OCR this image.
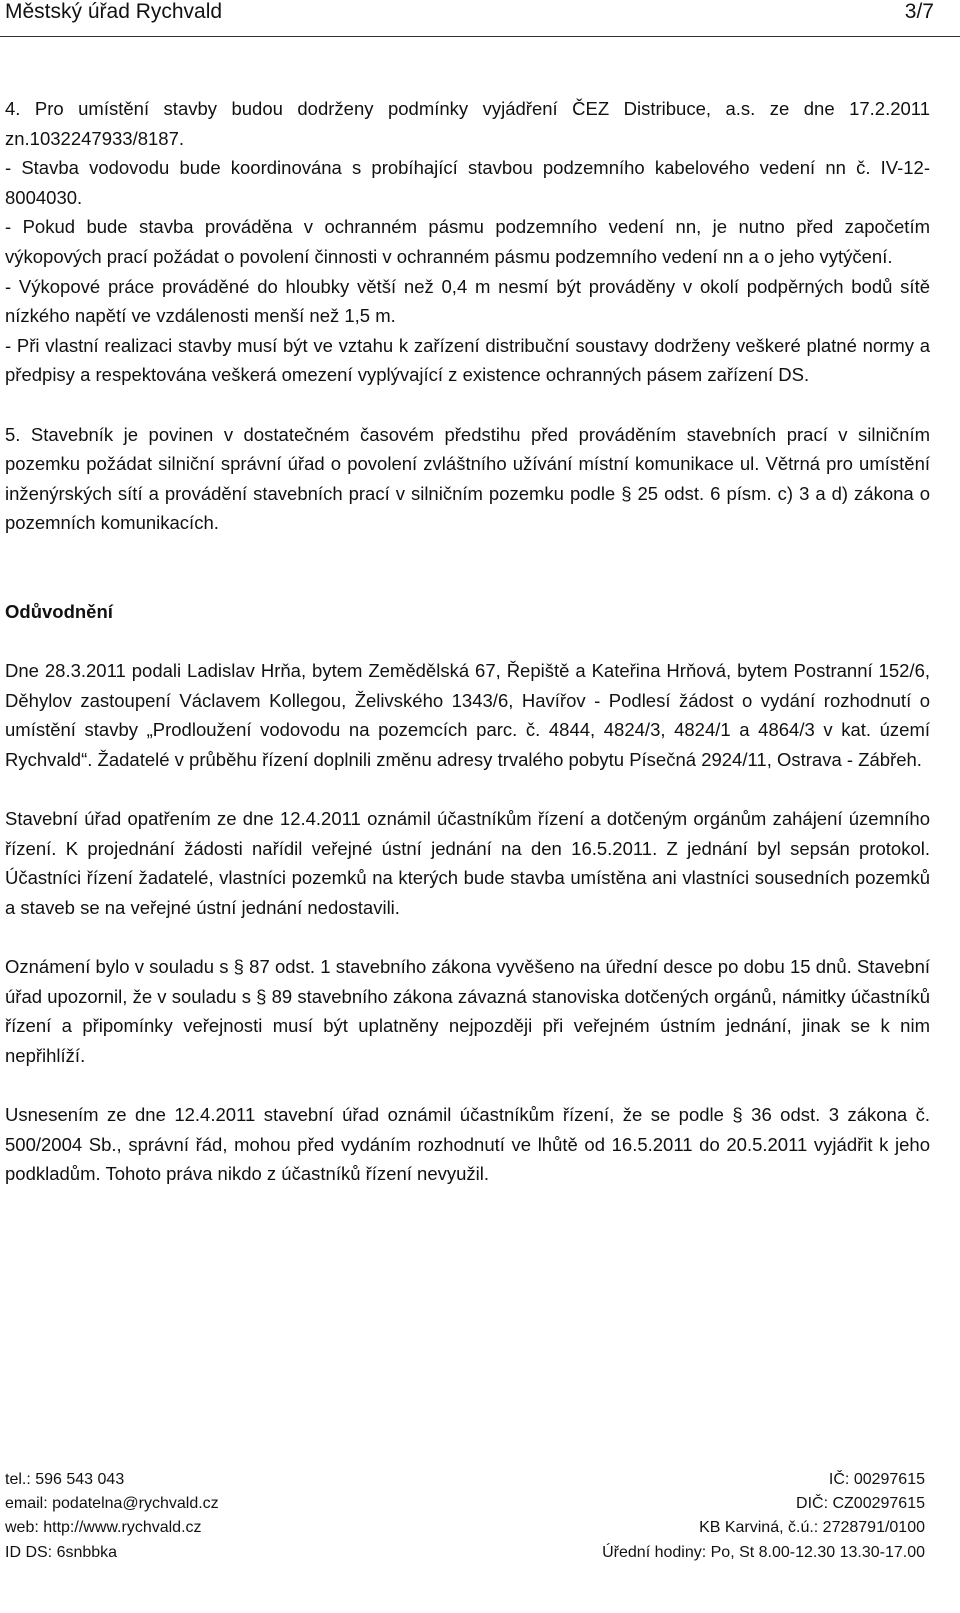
Městský úřad Rychvald	3/7

4. Pro umístění stavby budou dodrženy podmínky vyjádření ČEZ Distribuce, a.s. ze dne 17.2.2011 zn.1032247933/8187.

- Stavba vodovodu bude koordinována s probíhající stavbou podzemního kabelového vedení nn č. IV-12-8004030.

- Pokud bude stavba prováděna v ochranném pásmu podzemního vedení nn, je nutno před započetím výkopových prací požádat o povolení činnosti v ochranném pásmu podzemního vedení nn a o jeho vytýčení.

- Výkopové práce prováděné do hloubky větší než 0,4 m nesmí být prováděny v okolí podpěrných bodů sítě nízkého napětí ve vzdálenosti menší než 1,5 m.

- Při vlastní realizaci stavby musí být ve vztahu k zařízení distribuční soustavy dodrženy veškeré platné normy a předpisy a respektována veškerá omezení vyplývající z existence ochranných pásem zařízení DS.

5. Stavebník je povinen v dostatečném časovém předstihu před prováděním stavebních prací v silničním pozemku požádat silniční správní úřad o povolení zvláštního užívání místní komunikace ul. Větrná pro umístění inženýrských sítí a provádění stavebních prací v silničním pozemku podle § 25 odst. 6 písm. c) 3 a d) zákona o pozemních komunikacích.

Odůvodnění

Dne 28.3.2011 podali Ladislav Hrňa, bytem Zemědělská 67, Řepiště a Kateřina Hrňová, bytem Postranní 152/6, Děhylov zastoupení Václavem Kollegou, Želivského 1343/6, Havířov - Podlesí žádost o vydání rozhodnutí o umístění stavby „Prodloužení vodovodu na pozemcích parc. č. 4844, 4824/3, 4824/1 a 4864/3 v kat. území Rychvald“. Žadatelé v průběhu řízení doplnili změnu adresy trvalého pobytu Písečná 2924/11, Ostrava - Zábřeh.

Stavební úřad opatřením ze dne 12.4.2011 oznámil účastníkům řízení a dotčeným orgánům zahájení územního řízení. K projednání žádosti nařídil veřejné ústní jednání na den 16.5.2011. Z jednání byl sepsán protokol. Účastníci řízení žadatelé, vlastníci pozemků na kterých bude stavba umístěna ani vlastníci sousedních pozemků a staveb se na veřejné ústní jednání nedostavili.

Oznámení bylo v souladu s § 87 odst. 1 stavebního zákona vyvěšeno na úřední desce po dobu 15 dnů. Stavební úřad upozornil, že v souladu s § 89 stavebního zákona závazná stanoviska dotčených orgánů, námitky účastníků řízení a připomínky veřejnosti musí být uplatněny nejpozději při veřejném ústním jednání, jinak se k nim nepřihlíží.

Usnesením ze dne 12.4.2011 stavební úřad oznámil účastníkům řízení, že se podle § 36 odst. 3 zákona č. 500/2004 Sb., správní řád, mohou před vydáním rozhodnutí ve lhůtě od 16.5.2011 do 20.5.2011 vyjádřit k jeho podkladům. Tohoto práva nikdo z účastníků řízení nevyužil.

tel.: 596 543 043
email: podatelna@rychvald.cz
web: http://www.rychvald.cz
ID DS: 6snbbka
IČ: 00297615
DIČ: CZ00297615
KB Karviná, č.ú.: 2728791/0100
Úřední hodiny: Po, St 8.00-12.30 13.30-17.00
